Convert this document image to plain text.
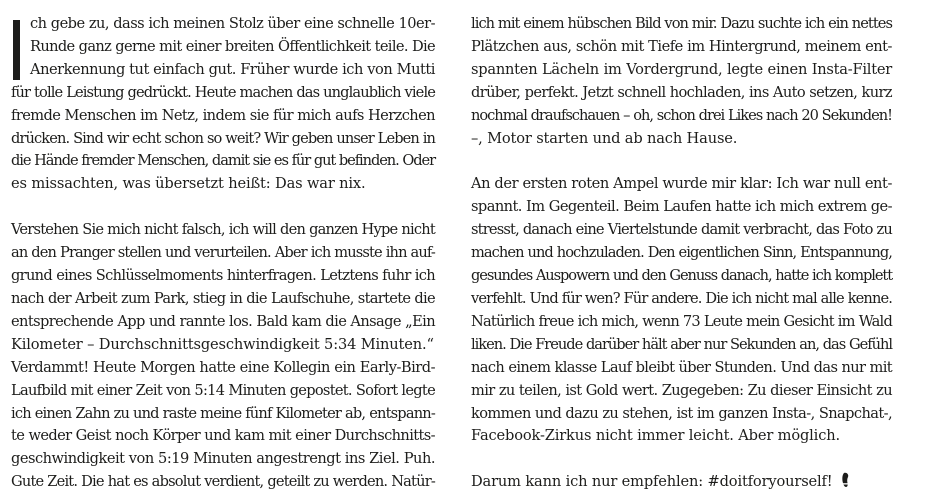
ch gebe zu, dass ich meinen Stolz über eine schnelle 10er-
Runde ganz gerne mit einer breiten Öffentlichkeit teile. Die
Anerkennung tut einfach gut. Früher wurde ich von Mutti
für tolle Leistung gedrückt. Heute machen das unglaublich viele
fremde Menschen im Netz, indem sie für mich aufs Herzchen
drücken. Sind wir echt schon so weit? Wir geben unser Leben in
die Hände fremder Menschen, damit sie es für gut befinden. Oder
es missachten, was übersetzt heißt: Das war nix.
Verstehen Sie mich nicht falsch, ich will den ganzen Hype nicht
an den Pranger stellen und verurteilen. Aber ich musste ihn auf-
grund eines Schlüsselmoments hinterfragen. Letztens fuhr ich
nach der Arbeit zum Park, stieg in die Laufschuhe, startete die
entsprechende App und rannte los. Bald kam die Ansage „Ein
Kilometer – Durchschnittsgeschwindigkeit 5:34 Minuten.“
Verdammt! Heute Morgen hatte eine Kollegin ein Early-Bird-
Laufbild mit einer Zeit von 5:14 Minuten gepostet. Sofort legte
ich einen Zahn zu und raste meine fünf Kilometer ab, entspann-
te weder Geist noch Körper und kam mit einer Durchschnitts-
geschwindigkeit von 5:19 Minuten angestrengt ins Ziel. Puh.
Gute Zeit. Die hat es absolut verdient, geteilt zu werden. Natür-
lich mit einem hübschen Bild von mir. Dazu suchte ich ein nettes
Plätzchen aus, schön mit Tiefe im Hintergrund, meinem ent-
spannten Lächeln im Vordergrund, legte einen Insta-Filter
drüber, perfekt. Jetzt schnell hochladen, ins Auto setzen, kurz
nochmal draufschauen – oh, schon drei Likes nach 20 Sekunden!
–, Motor starten und ab nach Hause.
An der ersten roten Ampel wurde mir klar: Ich war null ent-
spannt. Im Gegenteil. Beim Laufen hatte ich mich extrem ge-
stresst, danach eine Viertelstunde damit verbracht, das Foto zu
machen und hochzuladen. Den eigentlichen Sinn, Entspannung,
gesundes Auspowern und den Genuss danach, hatte ich komplett
verfehlt. Und für wen? Für andere. Die ich nicht mal alle kenne.
Natürlich freue ich mich, wenn 73 Leute mein Gesicht im Wald
liken. Die Freude darüber hält aber nur Sekunden an, das Gefühl
nach einem klasse Lauf bleibt über Stunden. Und das nur mit
mir zu teilen, ist Gold wert. Zugegeben: Zu dieser Einsicht zu
kommen und dazu zu stehen, ist im ganzen Insta-, Snapchat-,
Facebook-Zirkus nicht immer leicht. Aber möglich.
Darum kann ich nur empfehlen: #doitforyourself!
